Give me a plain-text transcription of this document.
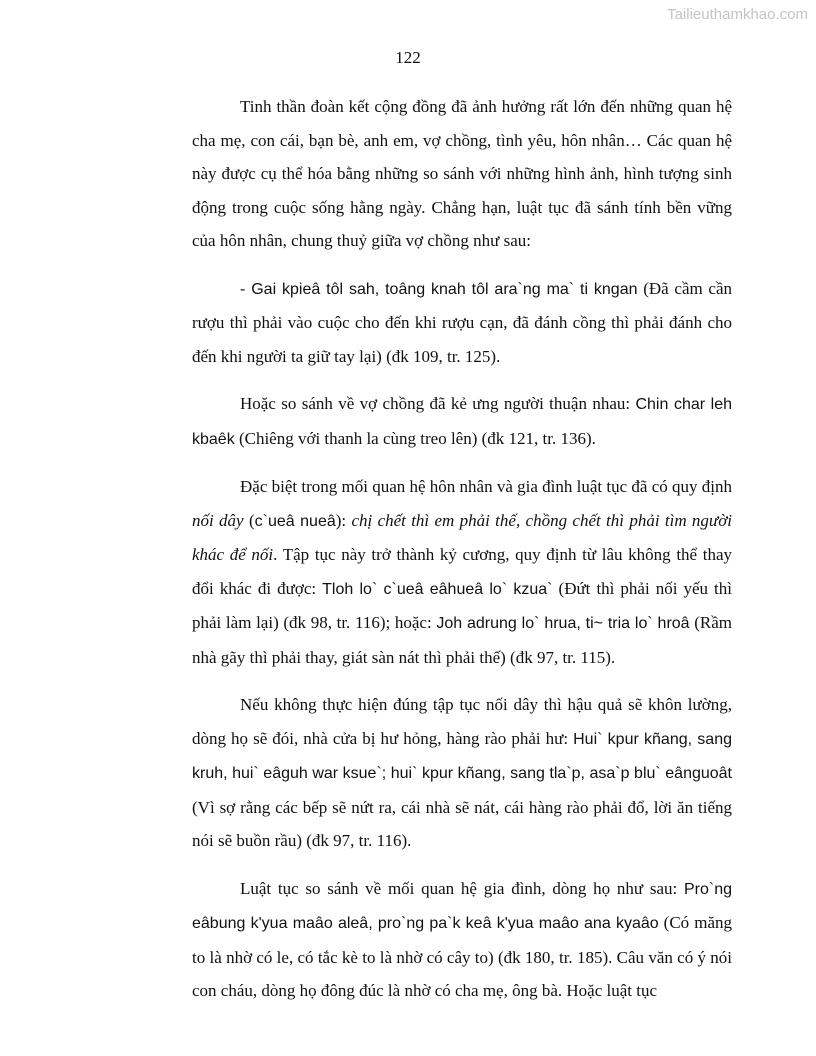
Tailieuthamkhao.com
122

Tinh thần đoàn kết cộng đồng đã ảnh hưởng rất lớn đến những quan hệ cha mẹ, con cái, bạn bè, anh em, vợ chồng, tình yêu, hôn nhân… Các quan hệ này được cụ thể hóa bằng những so sánh với những hình ảnh, hình tượng sinh động trong cuộc sống hằng ngày. Chẳng hạn, luật tục đã sánh tính bền vững của hôn nhân, chung thuỷ giữa vợ chồng như sau:

- Gai kpieâ tôl sah, toâng knah tôl ara`ng ma` ti kngan (Đã cầm cần rượu thì phải vào cuộc cho đến khi rượu cạn, đã đánh cồng thì phải đánh cho đến khi người ta giữ tay lại) (đk 109, tr. 125).

Hoặc so sánh về vợ chồng đã kẻ ưng người thuận nhau: Chin char leh kbaêk (Chiêng với thanh la cùng treo lên) (đk 121, tr. 136).

Đặc biệt trong mối quan hệ hôn nhân và gia đình luật tục đã có quy định nối dây (c`ueâ nueâ): chị chết thì em phải thế, chồng chết thì phải tìm người khác để nối. Tập tục này trở thành kỷ cương, quy định từ lâu không thể thay đổi khác đi được: Tloh lo` c`ueâ eâhueâ lo` kzua` (Đứt thì phải nối yếu thì phải làm lại) (đk 98, tr. 116); hoặc: Joh adrung lo` hrua, ti~ tria lo` hroâ (Rầm nhà gãy thì phải thay, giát sàn nát thì phải thế) (đk 97, tr. 115).

Nếu không thực hiện đúng tập tục nối dây thì hậu quả sẽ khôn lường, dòng họ sẽ đói, nhà cửa bị hư hỏng, hàng rào phải hư: Hui` kpur kñang, sang kruh, hui` eâguh war ksue`; hui` kpur kñang, sang tla`p, asa`p blu` eânguoât (Vì sợ rằng các bếp sẽ nứt ra, cái nhà sẽ nát, cái hàng rào phải đổ, lời ăn tiếng nói sẽ buồn rầu) (đk 97, tr. 116).

Luật tục so sánh về mối quan hệ gia đình, dòng họ như sau: Pro`ng eâbung k'yua maâo aleâ, pro`ng pa`k keâ k'yua maâo ana kyaâo (Có măng to là nhờ có le, có tắc kè to là nhờ có cây to) (đk 180, tr. 185). Câu văn có ý nói con cháu, dòng họ đông đúc là nhờ có cha mẹ, ông bà. Hoặc luật tục
